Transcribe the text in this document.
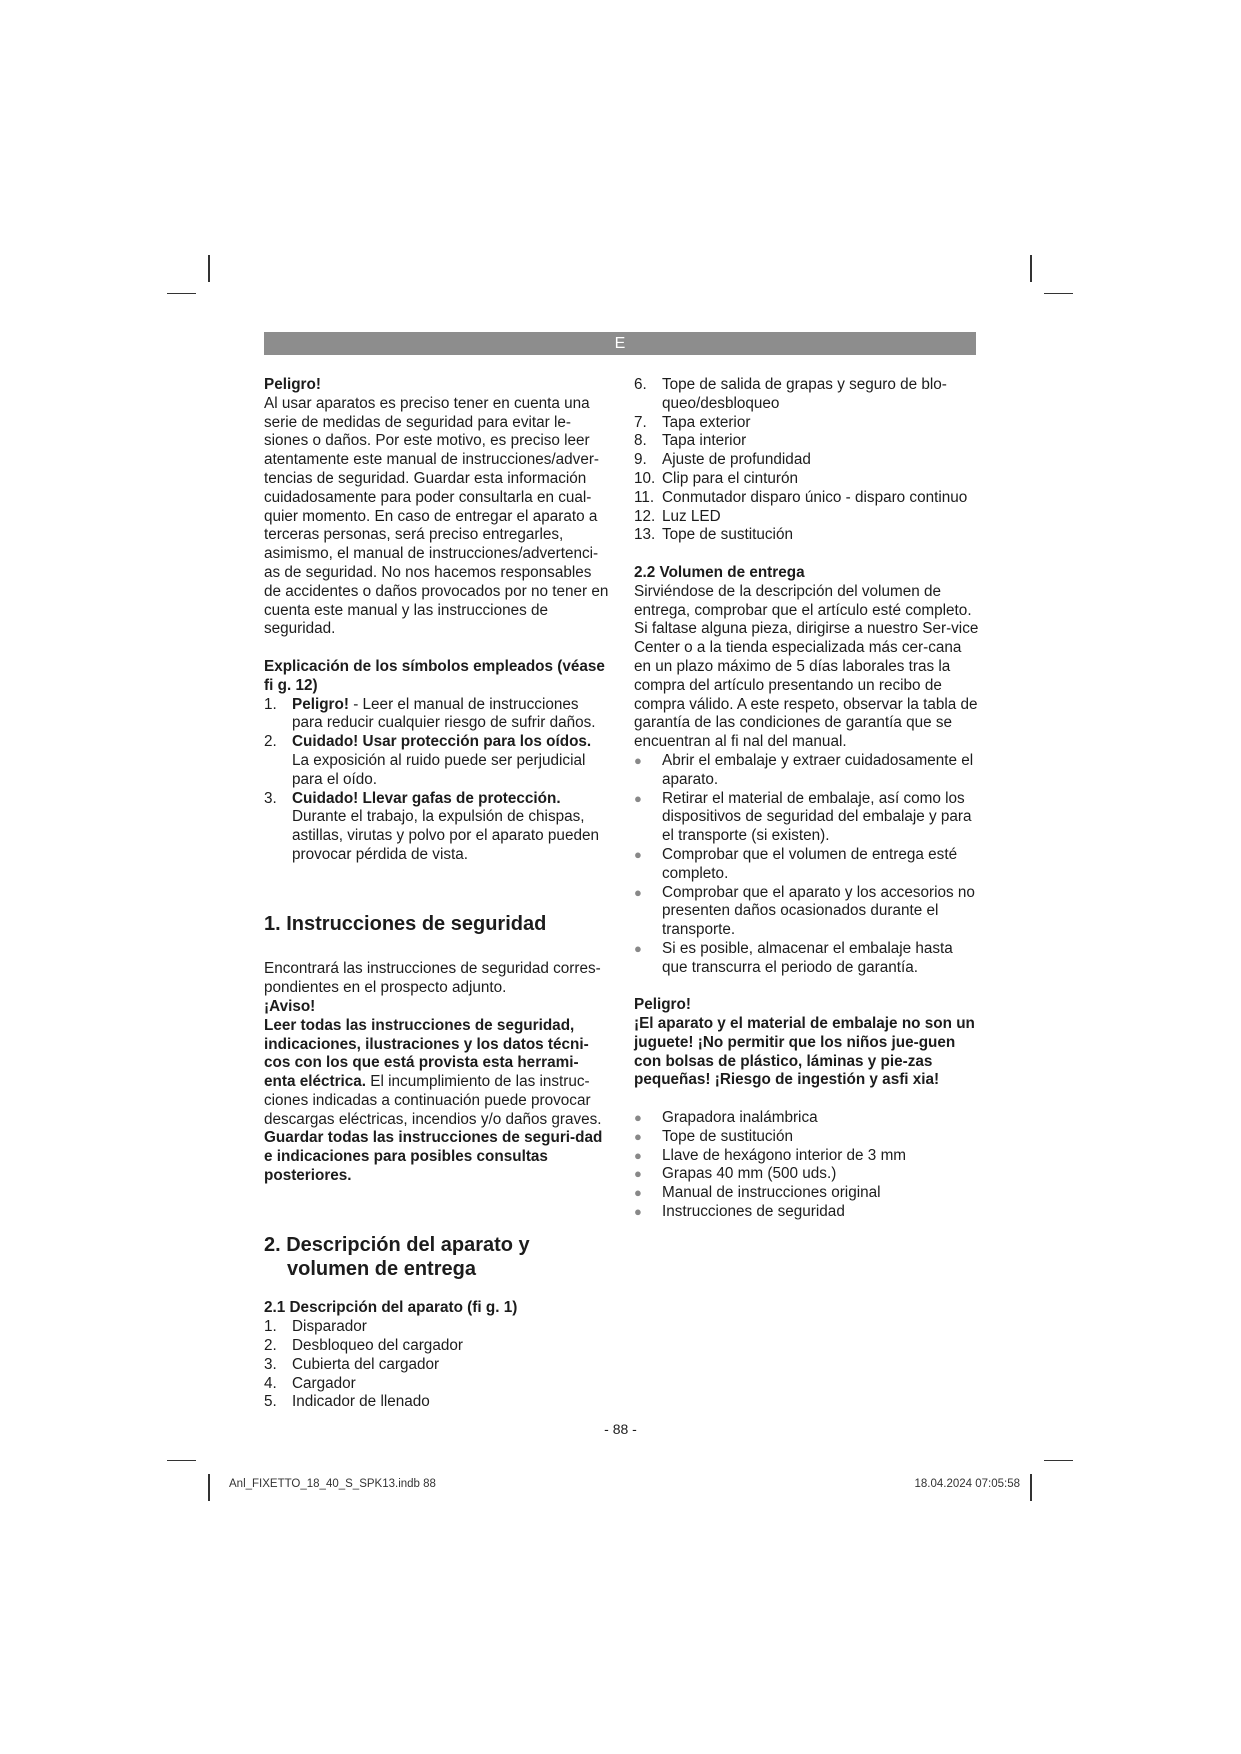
E

Peligro!

Al usar aparatos es preciso tener en cuenta una serie de medidas de seguridad para evitar le-siones o daños. Por este motivo, es preciso leer atentamente este manual de instrucciones/adver-tencias de seguridad. Guardar esta información cuidadosamente para poder consultarla en cual-quier momento. En caso de entregar el aparato a terceras personas, será preciso entregarles, asimismo, el manual de instrucciones/advertenci-as de seguridad. No nos hacemos responsables de accidentes o daños provocados por no tener en cuenta este manual y las instrucciones de seguridad.

Explicación de los símbolos empleados (véase fi g. 12)

1. Peligro! - Leer el manual de instrucciones para reducir cualquier riesgo de sufrir daños.
2. Cuidado! Usar protección para los oídos.
La exposición al ruido puede ser perjudicial para el oído.
3. Cuidado! Llevar gafas de protección.
Durante el trabajo, la expulsión de chispas, astillas, virutas y polvo por el aparato pueden provocar pérdida de vista.
1. Instrucciones de seguridad

Encontrará las instrucciones de seguridad corres-pondientes en el prospecto adjunto.

¡Aviso!

Leer todas las instrucciones de seguridad, indicaciones, ilustraciones y los datos técni-cos con los que está provista esta herrami-enta eléctrica. El incumplimiento de las instruc-ciones indicadas a continuación puede provocar descargas eléctricas, incendios y/o daños graves.

Guardar todas las instrucciones de seguri-dad e indicaciones para posibles consultas posteriores.

2. Descripción del aparato y
volumen de entrega

2.1 Descripción del aparato (fi g. 1)

1. Disparador
2. Desbloqueo del cargador
3. Cubierta del cargador
4. Cargador
5. Indicador de llenado
6. Tope de salida de grapas y seguro de blo-queo/desbloqueo
7. Tapa exterior
8. Tapa interior
9. Ajuste de profundidad
10. Clip para el cinturón
11. Conmutador disparo único - disparo continuo
12. Luz LED
13. Tope de sustitución

2.2 Volumen de entrega

Sirviéndose de la descripción del volumen de entrega, comprobar que el artículo esté completo. Si faltase alguna pieza, dirigirse a nuestro Ser-vice Center o a la tienda especializada más cer-cana en un plazo máximo de 5 días laborales tras la compra del artículo presentando un recibo de compra válido. A este respeto, observar la tabla de garantía de las condiciones de garantía que se encuentran al fi nal del manual.

●	Abrir el embalaje y extraer cuidadosamente el aparato.
●	Retirar el material de embalaje, así como los dispositivos de seguridad del embalaje y para el transporte (si existen).
●	Comprobar que el volumen de entrega esté completo.
●	Comprobar que el aparato y los accesorios no presenten daños ocasionados durante el transporte.
●	Si es posible, almacenar el embalaje hasta que transcurra el periodo de garantía.

Peligro!

¡El aparato y el material de embalaje no son un juguete! ¡No permitir que los niños jue-guen con bolsas de plástico, láminas y pie-zas pequeñas! ¡Riesgo de ingestión y asfi xia!

●	Grapadora inalámbrica
●	Tope de sustitución
●	Llave de hexágono interior de 3 mm
●	Grapas 40 mm (500 uds.)
●	Manual de instrucciones original
●	Instrucciones de seguridad
- 88 -
Anl_FIXETTO_18_40_S_SPK13.indb 88	18.04.2024 07:05:58
